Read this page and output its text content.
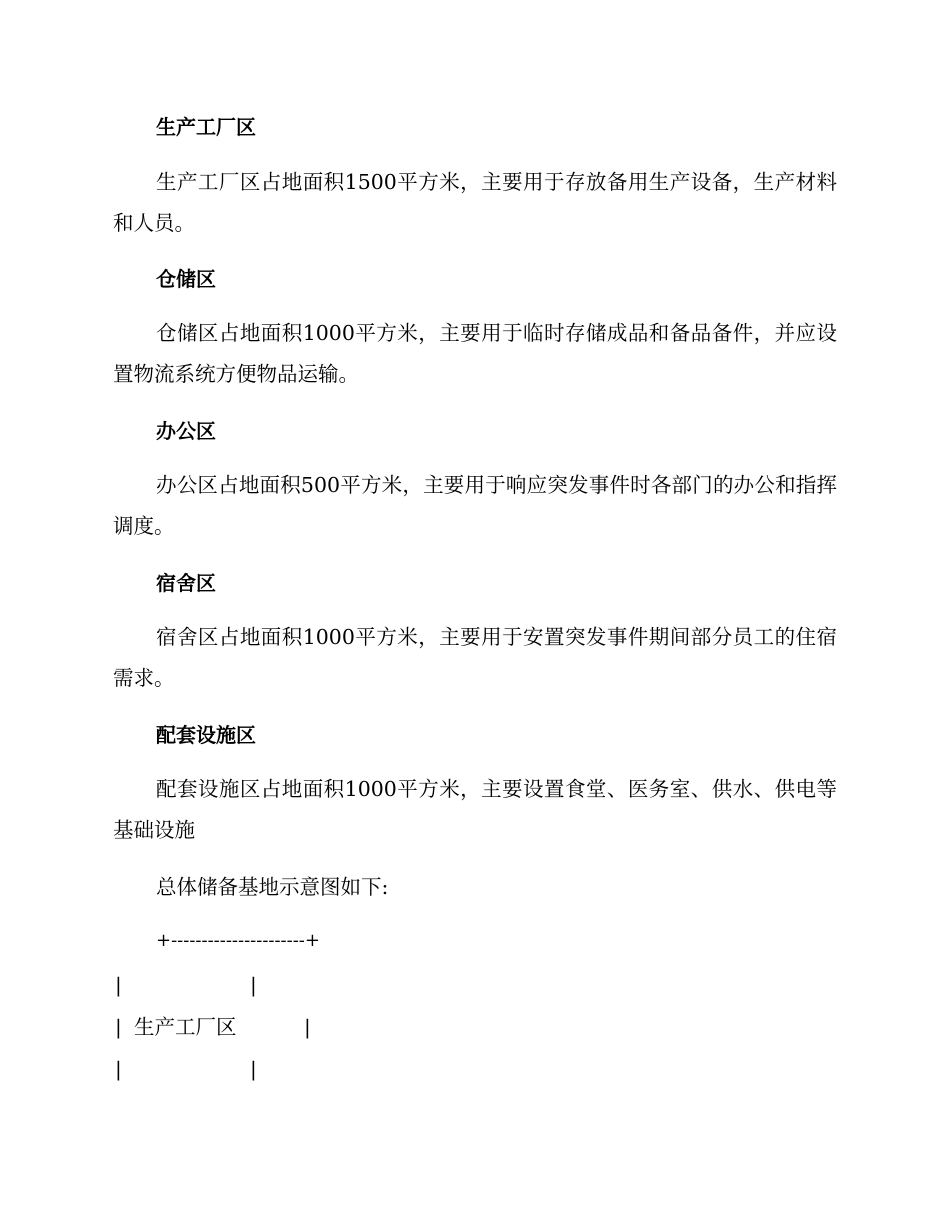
生产工厂区

生产工厂区占地面积1500平方米，主要用于存放备用生产设备，生产材料和人员。

仓储区

仓储区占地面积1000平方米，主要用于临时存储成品和备品备件，并应设置物流系统方便物品运输。

办公区

办公区占地面积500平方米，主要用于响应突发事件时各部门的办公和指挥调度。

宿舍区

宿舍区占地面积1000平方米，主要用于安置突发事件期间部分员工的住宿需求。

配套设施区

配套设施区占地面积1000平方米，主要设置食堂、医务室、供水、供电等基础设施

总体储备基地示意图如下:
+----------------------+
|	|
| 生产工厂区	|
|	|
